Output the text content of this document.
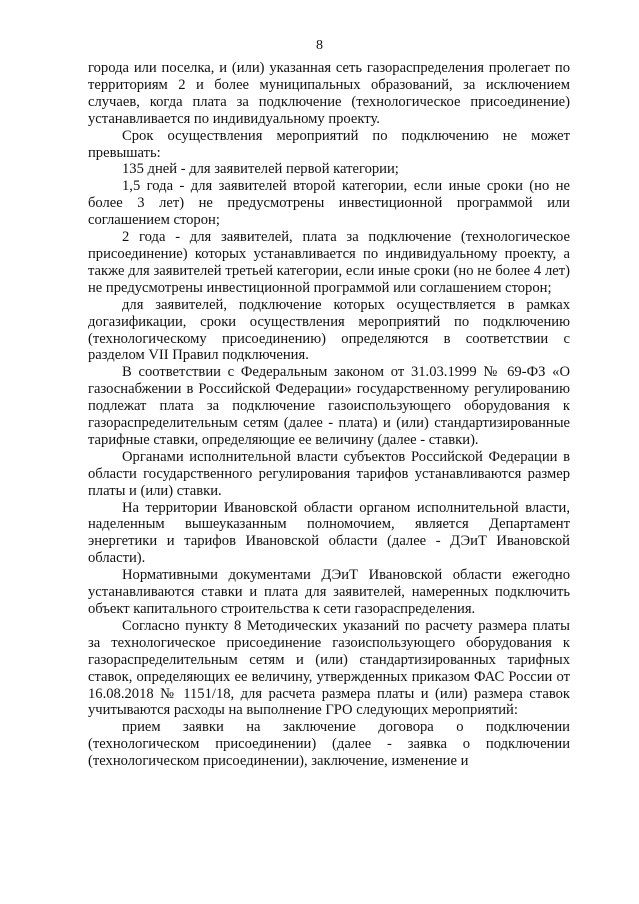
8

города или поселка, и (или) указанная сеть газораспределения пролегает по территориям 2 и более муниципальных образований, за исключением случаев, когда плата за подключение (технологическое присоединение) устанавливается по индивидуальному проекту.

Срок осуществления мероприятий по подключению не может превышать:

135 дней - для заявителей первой категории;

1,5 года - для заявителей второй категории, если иные сроки (но не более 3 лет) не предусмотрены инвестиционной программой или соглашением сторон;

2 года - для заявителей, плата за подключение (технологическое присоединение) которых устанавливается по индивидуальному проекту, а также для заявителей третьей категории, если иные сроки (но не более 4 лет) не предусмотрены инвестиционной программой или соглашением сторон;

для заявителей, подключение которых осуществляется в рамках догазификации, сроки осуществления мероприятий по подключению (технологическому присоединению) определяются в соответствии с разделом VII Правил подключения.

В соответствии с Федеральным законом от 31.03.1999 № 69-ФЗ «О газоснабжении в Российской Федерации» государственному регулированию подлежат плата за подключение газоиспользующего оборудования к газораспределительным сетям (далее - плата) и (или) стандартизированные тарифные ставки, определяющие ее величину (далее - ставки).

Органами исполнительной власти субъектов Российской Федерации в области государственного регулирования тарифов устанавливаются размер платы и (или) ставки.

На территории Ивановской области органом исполнительной власти, наделенным вышеуказанным полномочием, является Департамент энергетики и тарифов Ивановской области (далее - ДЭиТ Ивановской области).

Нормативными документами ДЭиТ Ивановской области ежегодно устанавливаются ставки и плата для заявителей, намеренных подключить объект капитального строительства к сети газораспределения.

Согласно пункту 8 Методических указаний по расчету размера платы за технологическое присоединение газоиспользующего оборудования к газораспределительным сетям и (или) стандартизированных тарифных ставок, определяющих ее величину, утвержденных приказом ФАС России от 16.08.2018 № 1151/18, для расчета размера платы и (или) размера ставок учитываются расходы на выполнение ГРО следующих мероприятий:

прием заявки на заключение договора о подключении (технологическом присоединении) (далее - заявка о подключении (технологическом присоединении), заключение, изменение и
